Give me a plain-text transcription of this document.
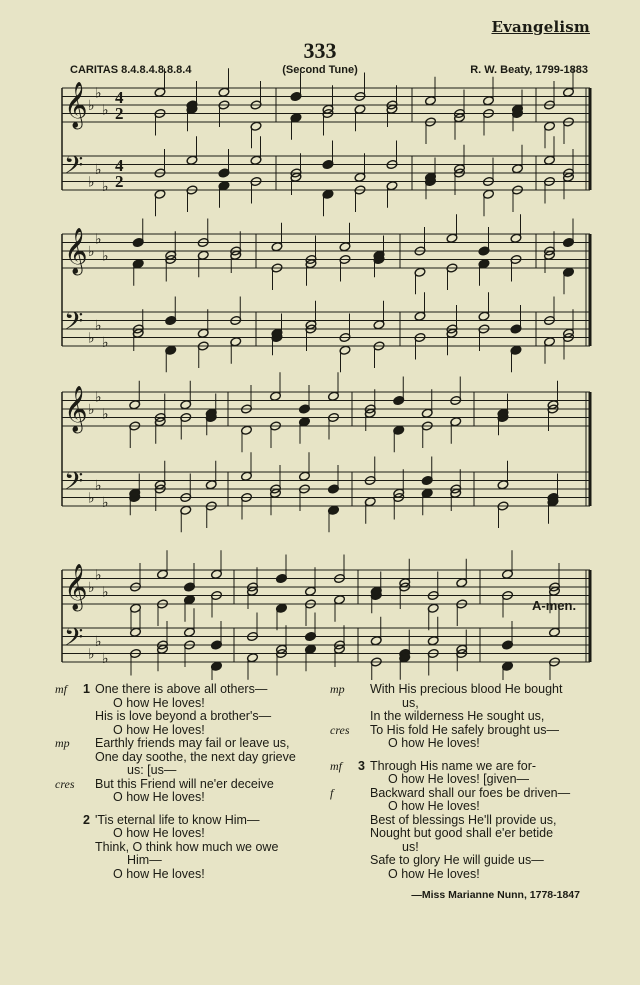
Evangelism
333
CARITAS 8.4.8.4.8.8.8.4	(Second Tune)	R. W. Beaty, 1799-1883
𝄞 ♭
♭
♭
𝄢 ♭
♭
♭
4
4
2
2
𝄞 ♭
♭
♭
𝄢 ♭
♭
♭
𝄞 ♭
♭
♭
𝄢 ♭
♭
♭
𝄞 ♭
♭
♭
𝄢 ♭
♭
♭
A-men.
mf 1 One there is above all others—
O how He loves!
His is love beyond a brother's—
O how He loves!
mp Earthly friends may fail or leave us,
One day soothe, the next day grieve
us: [us—
cres But this Friend will ne'er deceive
O how He loves!
2 'Tis eternal life to know Him—
O how He loves!
Think, O think how much we owe
Him—
O how He loves!
mp With His precious blood He bought
us,
In the wilderness He sought us,
cres To His fold He safely brought us—
O how He loves!
mf 3 Through His name we are for-
O how He loves! [given—
f	Backward shall our foes be driven—
O how He loves!
Best of blessings He'll provide us,
Nought but good shall e'er betide
us!
Safe to glory He will guide us—
O how He loves!
—Miss Marianne Nunn, 1778-1847
